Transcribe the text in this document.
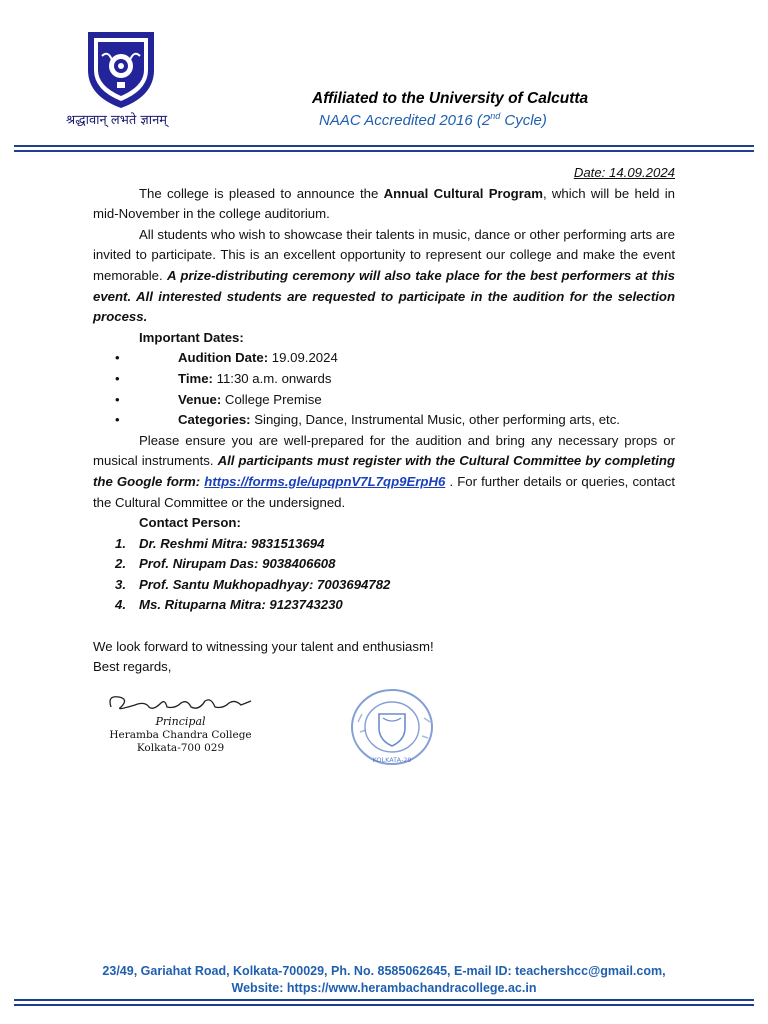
श्रद्धावान् लभते ज्ञानम्
Affiliated to the University of Calcutta
NAAC Accredited 2016 (2nd Cycle)

Date: 14.09.2024

The college is pleased to announce the Annual Cultural Program, which will be held in mid-November in the college auditorium.

All students who wish to showcase their talents in music, dance or other performing arts are invited to participate. This is an excellent opportunity to represent our college and make the event memorable. A prize-distributing ceremony will also take place for the best performers at this event. All interested students are requested to participate in the audition for the selection process.

Important Dates:

• Audition Date: 19.09.2024
• Time: 11:30 a.m. onwards
• Venue: College Premise
• Categories: Singing, Dance, Instrumental Music, other performing arts, etc.

Please ensure you are well-prepared for the audition and bring any necessary props or musical instruments. All participants must register with the Cultural Committee by completing the Google form: https://forms.gle/upqpnV7L7qp9ErpH6 . For further details or queries, contact the Cultural Committee or the undersigned.

Contact Person:

1. Dr. Reshmi Mitra: 9831513694
2. Prof. Nirupam Das: 9038406608
3. Prof. Santu Mukhopadhyay: 7003694782
4. Ms. Rituparna Mitra: 9123743230

We look forward to witnessing your talent and enthusiasm!

Best regards,

Principal
Heramba Chandra College
Kolkata-700 029
KOLKATA-29
23/49, Gariahat Road, Kolkata-700029, Ph. No. 8585062645, E-mail ID: teachershcc@gmail.com,
Website: https://www.herambachandracollege.ac.in
